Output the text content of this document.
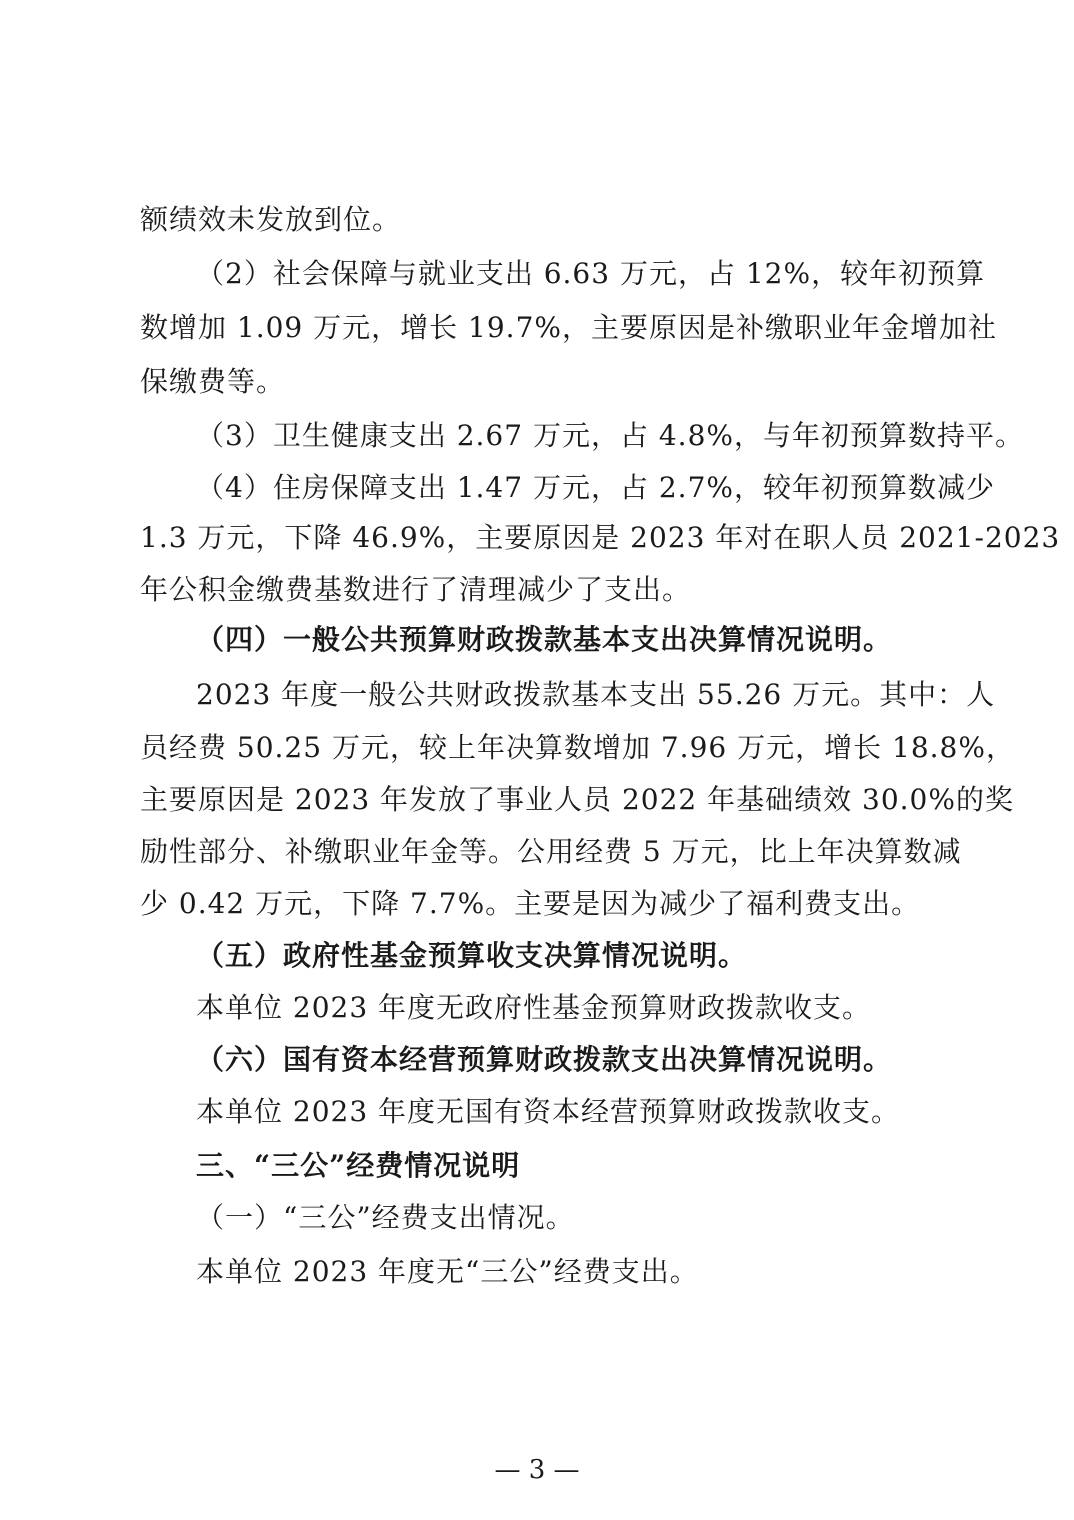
额绩效未发放到位。
（2）社会保障与就业支出 6.63 万元，占 12%，较年初预算
数增加 1.09 万元，增长 19.7%，主要原因是补缴职业年金增加社
保缴费等。
（3）卫生健康支出 2.67 万元，占 4.8%，与年初预算数持平。
（4）住房保障支出 1.47 万元，占 2.7%，较年初预算数减少
1.3 万元，下降 46.9%，主要原因是 2023 年对在职人员 2021-2023
年公积金缴费基数进行了清理减少了支出。
（四）一般公共预算财政拨款基本支出决算情况说明。
2023 年度一般公共财政拨款基本支出 55.26 万元。其中：人
员经费 50.25 万元，较上年决算数增加 7.96 万元，增长 18.8%，
主要原因是 2023 年发放了事业人员 2022 年基础绩效 30.0%的奖
励性部分、补缴职业年金等。公用经费 5 万元，比上年决算数减
少 0.42 万元，下降 7.7%。主要是因为减少了福利费支出。
（五）政府性基金预算收支决算情况说明。
本单位 2023 年度无政府性基金预算财政拨款收支。
（六）国有资本经营预算财政拨款支出决算情况说明。
本单位 2023 年度无国有资本经营预算财政拨款收支。
三、“三公”经费情况说明
（一）“三公”经费支出情况。
本单位 2023 年度无“三公”经费支出。
— 3 —
